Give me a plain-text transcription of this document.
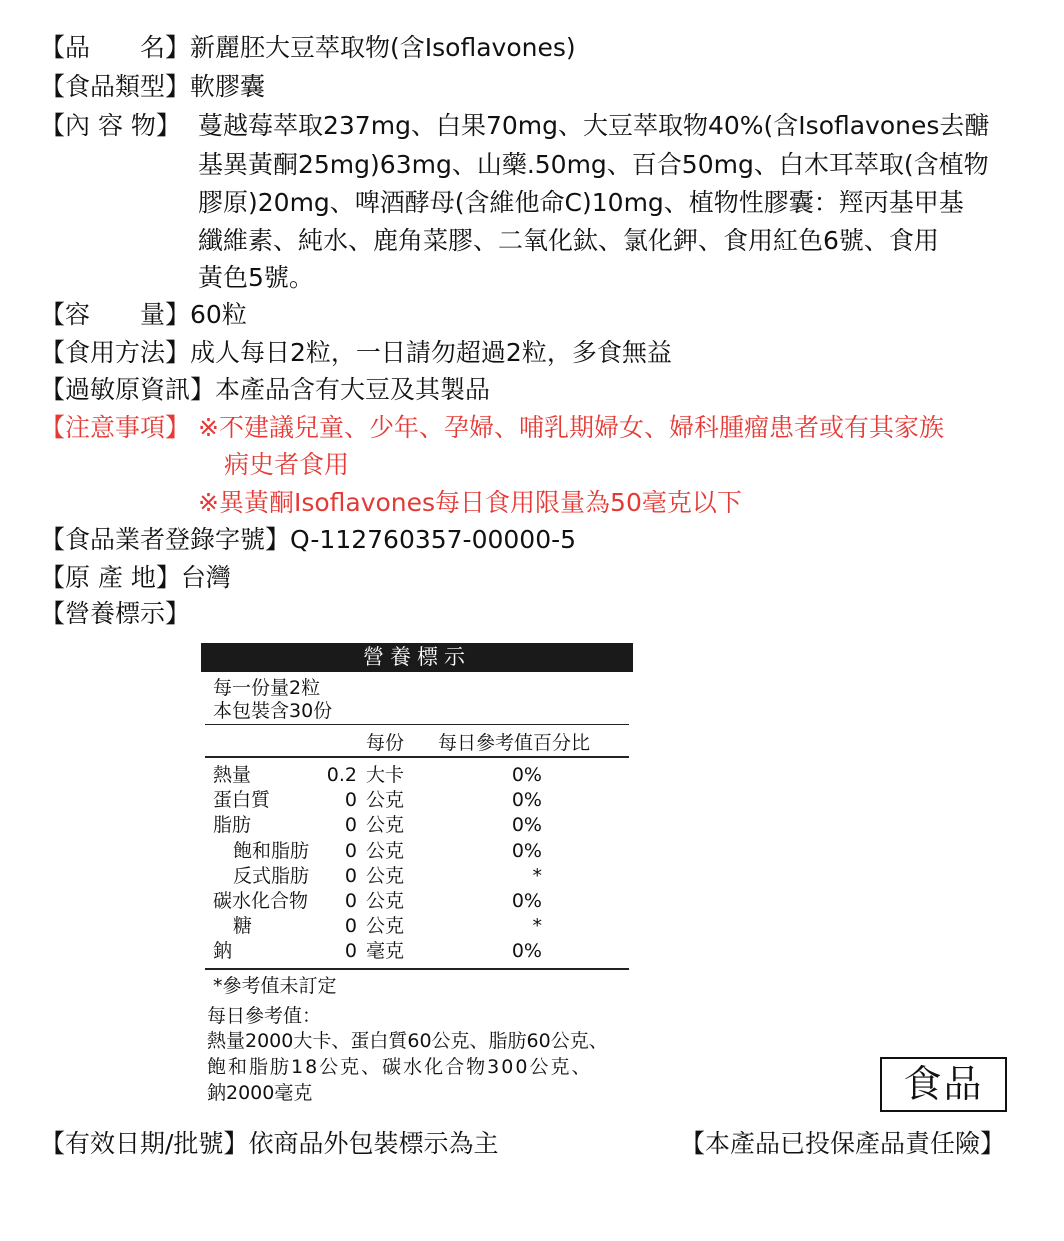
【品　　名】新麗胚大豆萃取物(含Isoflavones)
【食品類型】軟膠囊
【內 容 物】 蔓越莓萃取237mg、白果70mg、大豆萃取物40%(含Isoflavones去醣
基異黃酮25mg)63mg、山藥.50mg、百合50mg、白木耳萃取(含植物
膠原)20mg、啤酒酵母(含維他命C)10mg、植物性膠囊：羥丙基甲基
纖維素、純水、鹿角菜膠、二氧化鈦、氯化鉀、食用紅色6號、食用
黃色5號。
【容　　量】60粒
【食用方法】成人每日2粒，一日請勿超過2粒，多食無益
【過敏原資訊】本產品含有大豆及其製品
【注意事項】 ※不建議兒童、少年、孕婦、哺乳期婦女、婦科腫瘤患者或有其家族
病史者食用
※異黃酮Isoflavones每日食用限量為50毫克以下
【食品業者登錄字號】Q-112760357-00000-5
【原 產 地】台灣
【營養標示】
營養標示
每一份量2粒
本包裝含30份
每份 每日參考值百分比
熱量	0.2 大卡	0%
蛋白質	0 公克	0%
脂肪	0 公克	0%
飽和脂肪	0 公克	0%
反式脂肪	0 公克	*
碳水化合物	0 公克	0%
糖	0 公克	*
鈉	0 毫克	0%
*參考值未訂定
每日參考值：
熱量2000大卡、蛋白質60公克、脂肪60公克、
飽和脂肪18公克、碳水化合物300公克、
鈉2000毫克	食品
【有效日期/批號】依商品外包裝標示為主	【本產品已投保產品責任險】
